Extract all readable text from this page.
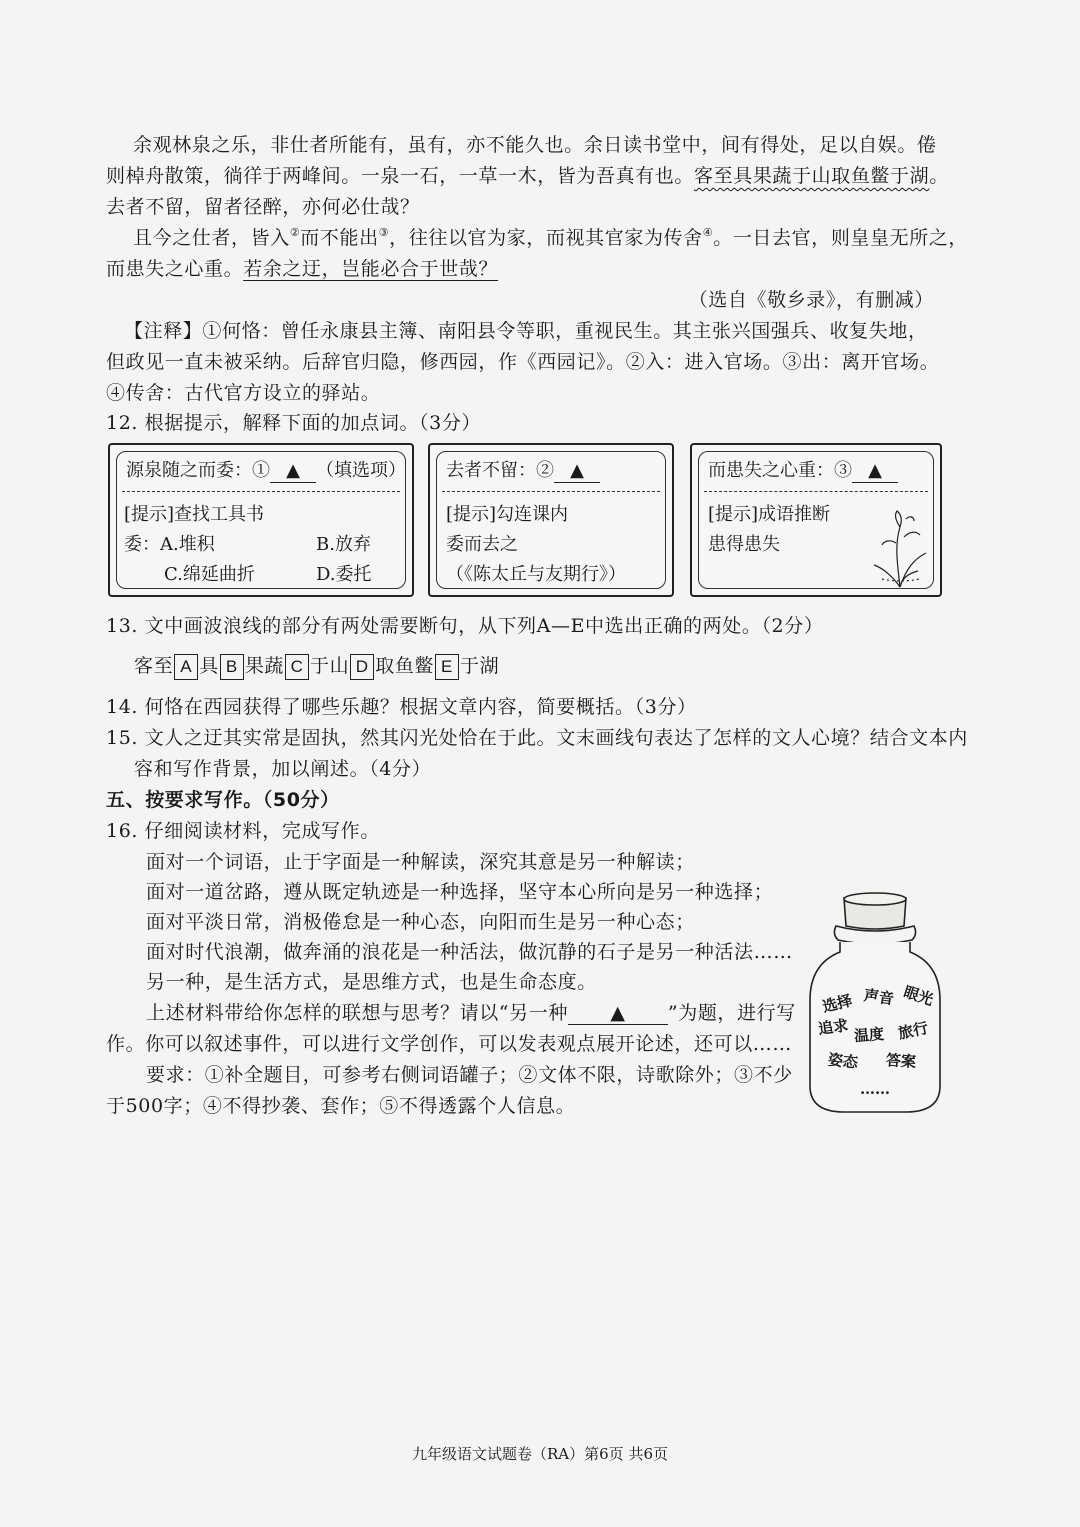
余观林泉之乐，非仕者所能有，虽有，亦不能久也。余日读书堂中，间有得处，足以自娱。倦
则棹舟散策，徜徉于两峰间。一泉一石，一草一木，皆为吾真有也。客至具果蔬于山取鱼鳖于湖。
去者不留，留者径醉，亦何必仕哉？
且今之仕者，皆入②而不能出③，往往以官为家，而视其官家为传舍④。一日去官，则皇皇无所之，
而患失之心重。若余之迂，岂能必合于世哉？
（选自《敬乡录》，有删减）
【注释】①何恪：曾任永康县主簿、南阳县令等职，重视民生。其主张兴国强兵、收复失地，
但政见一直未被采纳。后辞官归隐，修西园，作《西园记》。②入：进入官场。③出：离开官场。
④传舍：古代官方设立的驿站。
12. 根据提示，解释下面的加点词。（3分）
源泉随之而委：① ▲ （填选项）
[提示]查找工具书
委：A.堆积	B.放弃
C.绵延曲折	D.委托
去者不留：② ▲
[提示]勾连课内
委而去之
（《陈太丘与友期行》）
而患失之心重：③ ▲
[提示]成语推断
患得患失
13. 文中画波浪线的部分有两处需要断句，从下列A—E中选出正确的两处。（2分）
客至 A 具 B 果蔬 C 于山 D 取鱼鳖 E 于湖
14. 何恪在西园获得了哪些乐趣？根据文章内容，简要概括。（3分）
15. 文人之迂其实常是固执，然其闪光处恰在于此。文末画线句表达了怎样的文人心境？结合文本内
容和写作背景，加以阐述。（4分）
五、按要求写作。（50分）
16. 仔细阅读材料，完成写作。
面对一个词语，止于字面是一种解读，深究其意是另一种解读；
面对一道岔路，遵从既定轨迹是一种选择，坚守本心所向是另一种选择；
面对平淡日常，消极倦怠是一种心态，向阳而生是另一种心态；
面对时代浪潮，做奔涌的浪花是一种活法，做沉静的石子是另一种活法……
另一种，是生活方式，是思维方式，也是生命态度。
上述材料带给你怎样的联想与思考？请以“另一种 ▲ ”为题，进行写
作。你可以叙述事件，可以进行文学创作，可以发表观点展开论述，还可以……
要求：①补全题目，可参考右侧词语罐子；②文体不限，诗歌除外；③不少
于500字；④不得抄袭、套作；⑤不得透露个人信息。
选择 声音 眼光
追求 温度 旅行
姿态 答案
……
九年级语文试题卷（RA）第6页 共6页
